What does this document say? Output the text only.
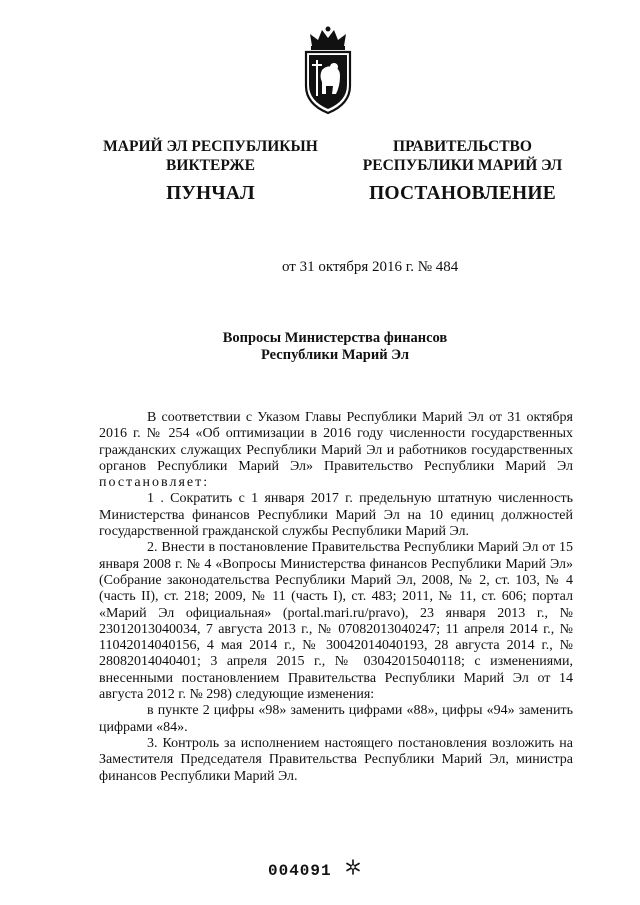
МАРИЙ ЭЛ РЕСПУБЛИКЫН
ВИКТЕРЖЕ
ПУНЧАЛ
ПРАВИТЕЛЬСТВО
РЕСПУБЛИКИ МАРИЙ ЭЛ
ПОСТАНОВЛЕНИЕ
от 31 октября 2016 г. № 484
Вопросы Министерства финансов
Республики Марий Эл

В соответствии с Указом Главы Республики Марий Эл от 31 октября 2016 г. № 254 «Об оптимизации в 2016 году численности государственных гражданских служащих Республики Марий Эл и работников государственных органов Республики Марий Эл» Правительство Республики Марий Эл постановляет:

1 . Сократить с 1 января 2017 г. предельную штатную численность Министерства финансов Республики Марий Эл на 10 единиц должностей государственной гражданской службы Республики Марий Эл.

2. Внести в постановление Правительства Республики Марий Эл от 15 января 2008 г. № 4 «Вопросы Министерства финансов Республики Марий Эл» (Собрание законодательства Республики Марий Эл, 2008, № 2, ст. 103, № 4 (часть II), ст. 218; 2009, № 11 (часть I), ст. 483; 2011, № 11, ст. 606; портал «Марий Эл официальная» (portal.mari.ru/pravo), 23 января 2013 г., № 23012013040034, 7 августа 2013 г., № 07082013040247; 11 апреля 2014 г., № 11042014040156, 4 мая 2014 г., № 30042014040193, 28 августа 2014 г., № 28082014040401; 3 апреля 2015 г., № 03042015040118; с изменениями, внесенными постановлением Правительства Республики Марий Эл от 14 августа 2012 г. № 298) следующие изменения:

в пункте 2 цифры «98» заменить цифрами «88», цифры «94» заменить цифрами «84».

3. Контроль за исполнением настоящего постановления возложить на Заместителя Председателя Правительства Республики Марий Эл, министра финансов Республики Марий Эл.

004091
